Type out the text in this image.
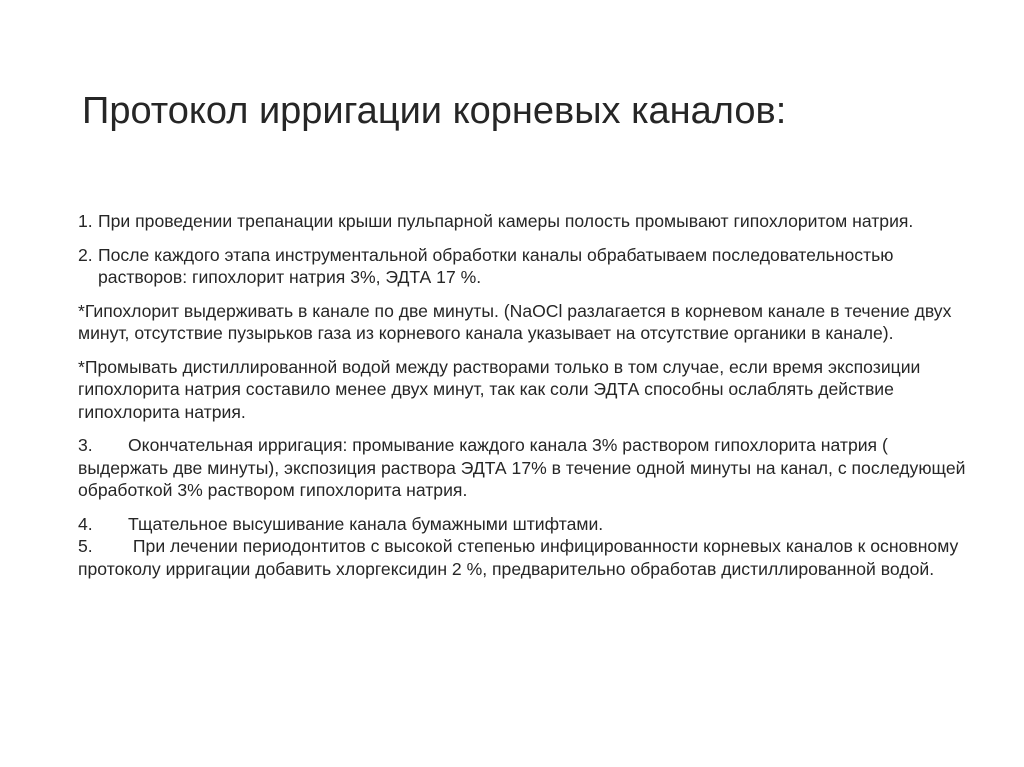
Протокол ирригации корневых каналов:
1. При проведении трепанации крыши пульпарной камеры полость промывают гипохлоритом натрия.
2. После каждого этапа инструментальной обработки каналы обрабатываем последовательностью растворов: гипохлорит натрия 3%, ЭДТА 17 %.
*Гипохлорит выдерживать в канале по две минуты. (NaOCl разлагается в корневом канале в течение двух минут, отсутствие пузырьков газа из корневого канала указывает на отсутствие органики в канале).
*Промывать дистиллированной водой между растворами только в том случае, если время экспозиции гипохлорита натрия составило менее двух минут, так как соли ЭДТА способны ослаблять действие гипохлорита натрия.
3. Окончательная ирригация: промывание каждого канала 3% раствором гипохлорита натрия ( выдержать две минуты), экспозиция раствора ЭДТА 17% в течение одной минуты на канал, с последующей обработкой 3% раствором гипохлорита натрия.
4. Тщательное высушивание канала бумажными штифтами.
5. При лечении периодонтитов с высокой степенью инфицированности корневых каналов к основному протоколу ирригации добавить хлоргексидин 2 %, предварительно обработав дистиллированной водой.
